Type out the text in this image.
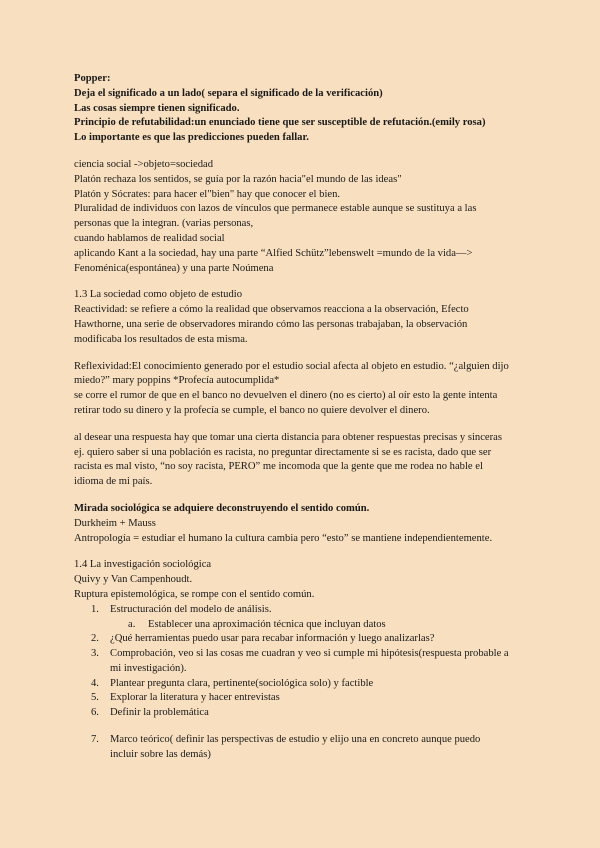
Popper:

Deja el significado a un lado( separa el significado de la verificación)

Las cosas siempre tienen significado.

Principio de refutabilidad:un enunciado tiene que ser susceptible de refutación.(emily rosa)

Lo importante es que las predicciones pueden fallar.

ciencia social ->objeto=sociedad

Platón rechaza los sentidos, se guía por la razón hacia"el mundo de las ideas"

Platón y Sócrates: para hacer el"bien" hay que conocer el bien.

Pluralidad de individuos con lazos de vínculos que permanece estable aunque se sustituya a las

personas que la integran. (varias personas,

cuando hablamos de realidad social

aplicando Kant a la sociedad, hay una parte “Alfied Schütz”lebenswelt =mundo de la vida—>

Fenoménica(espontánea) y una parte Noúmena

1.3 La sociedad como objeto de estudio

Reactividad: se refiere a cómo la realidad que observamos reacciona a la observación, Efecto

Hawthorne, una serie de observadores mirando cómo las personas trabajaban, la observación

modificaba los resultados de esta misma.

Reflexividad:El conocimiento generado por el estudio social afecta al objeto en estudio. “¿alguien dijo

miedo?” mary poppins *Profecía autocumplida*

se corre el rumor de que en el banco no devuelven el dinero (no es cierto) al oír esto la gente intenta

retirar todo su dinero y la profecía se cumple, el banco no quiere devolver el dinero.

al desear una respuesta hay que tomar una cierta distancia para obtener respuestas precisas y sinceras

ej. quiero saber si una población es racista, no preguntar directamente si se es racista, dado que ser

racista es mal visto, “no soy racista, PERO” me incomoda que la gente que me rodea no hable el

idioma de mi país.

Mirada sociológica se adquiere deconstruyendo el sentido común.

Durkheim + Mauss

Antropología = estudiar el humano la cultura cambia pero “esto” se mantiene independientemente.

1.4 La investigación sociológica

Quivy y Van Campenhoudt.

Ruptura epistemológica, se rompe con el sentido común.

1. Estructuración del modelo de análisis.
a. Establecer una aproximación técnica que incluyan datos
2. ¿Qué herramientas puedo usar para recabar información y luego analizarlas?
3. Comprobación, veo si las cosas me cuadran y veo si cumple mi hipótesis(respuesta probable a
mi investigación).
4. Plantear pregunta clara, pertinente(sociológica solo) y factible
5. Explorar la literatura y hacer entrevistas
6. Definir la problemática
7. Marco teórico( definir las perspectivas de estudio y elijo una en concreto aunque puedo
incluir sobre las demás)
